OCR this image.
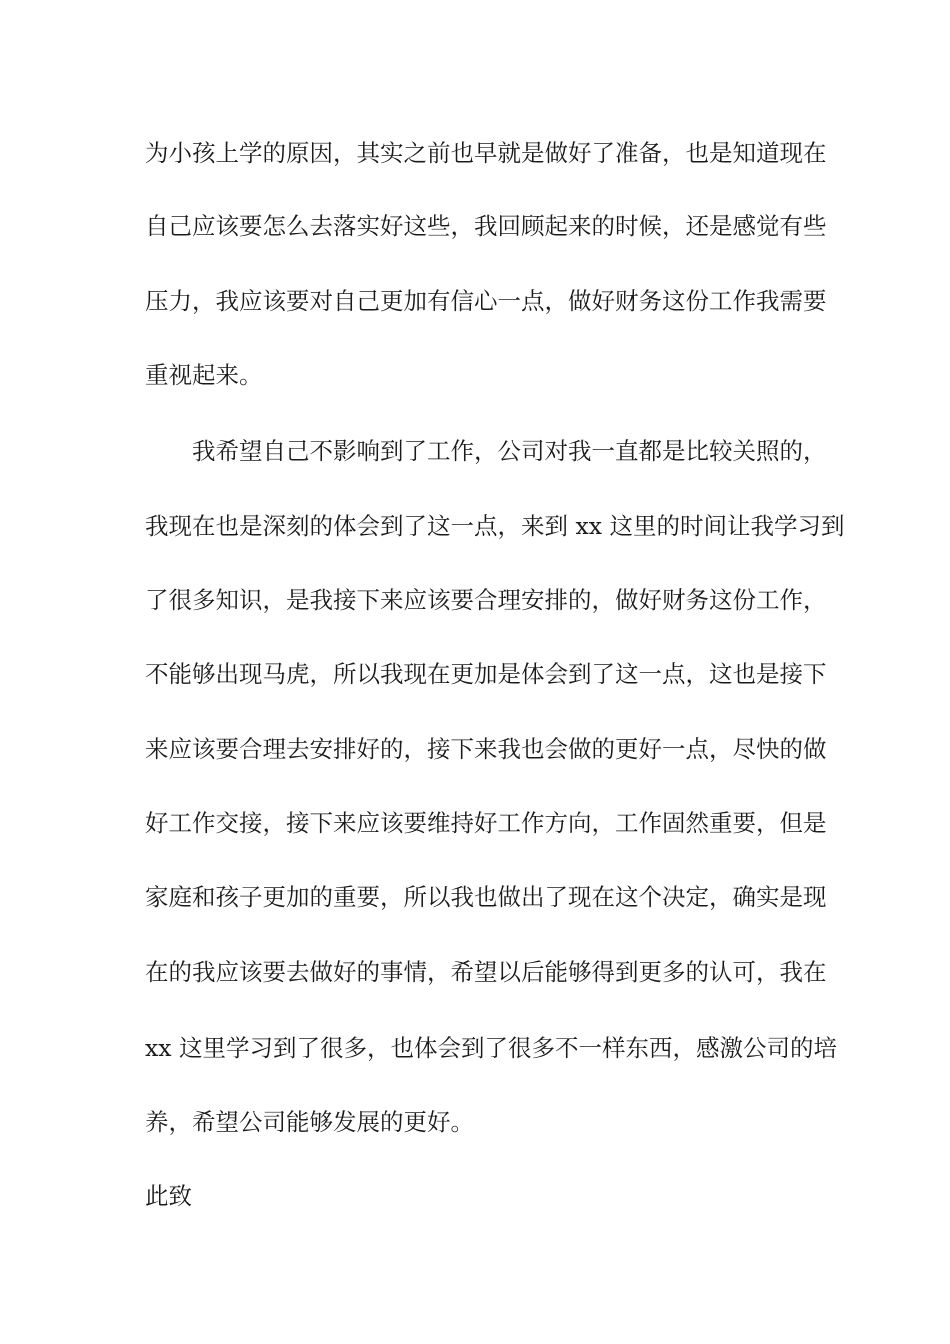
为小孩上学的原因，其实之前也早就是做好了准备，也是知道现在
自己应该要怎么去落实好这些，我回顾起来的时候，还是感觉有些
压力，我应该要对自己更加有信心一点，做好财务这份工作我需要
重视起来。
我希望自己不影响到了工作，公司对我一直都是比较关照的，
我现在也是深刻的体会到了这一点，来到 xx 这里的时间让我学习到
了很多知识，是我接下来应该要合理安排的，做好财务这份工作，
不能够出现马虎，所以我现在更加是体会到了这一点，这也是接下
来应该要合理去安排好的，接下来我也会做的更好一点，尽快的做
好工作交接，接下来应该要维持好工作方向，工作固然重要，但是
家庭和孩子更加的重要，所以我也做出了现在这个决定，确实是现
在的我应该要去做好的事情，希望以后能够得到更多的认可，我在
xx 这里学习到了很多，也体会到了很多不一样东西，感激公司的培
养，希望公司能够发展的更好。
此致
